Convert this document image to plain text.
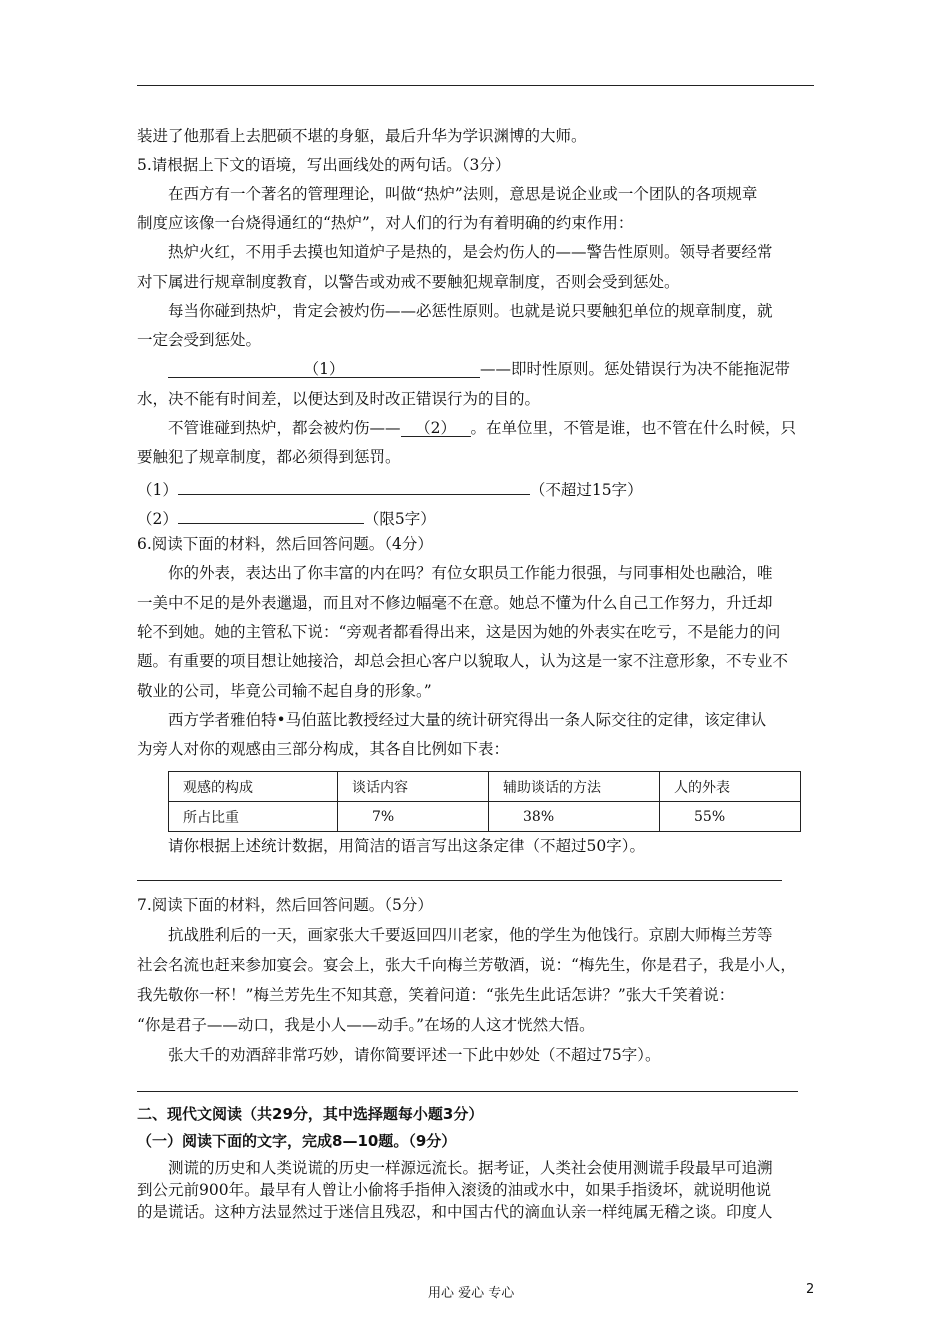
装进了他那看上去肥硕不堪的身躯，最后升华为学识渊博的大师。
5.请根据上下文的语境，写出画线处的两句话。（3分）
在西方有一个著名的管理理论，叫做“热炉”法则，意思是说企业或一个团队的各项规章
制度应该像一台烧得通红的“热炉”，对人们的行为有着明确的约束作用：
热炉火红，不用手去摸也知道炉子是热的，是会灼伤人的——警告性原则。领导者要经常
对下属进行规章制度教育，以警告或劝戒不要触犯规章制度，否则会受到惩处。
每当你碰到热炉，肯定会被灼伤——必惩性原则。也就是说只要触犯单位的规章制度，就
一定会受到惩处。
（1）	——即时性原则。惩处错误行为决不能拖泥带
水，决不能有时间差，以便达到及时改正错误行为的目的。
不管谁碰到热炉，都会被灼伤—— （2） 。在单位里，不管是谁，也不管在什么时候，只
要触犯了规章制度，都必须得到惩罚。
（1）	（不超过15字）
（2）	（限5字）
6.阅读下面的材料，然后回答问题。（4分）
你的外表，表达出了你丰富的内在吗？有位女职员工作能力很强，与同事相处也融洽，唯
一美中不足的是外表邋遢，而且对不修边幅毫不在意。她总不懂为什么自己工作努力，升迁却
轮不到她。她的主管私下说：“旁观者都看得出来，这是因为她的外表实在吃亏，不是能力的问
题。有重要的项目想让她接洽，却总会担心客户以貌取人，认为这是一家不注意形象，不专业不
敬业的公司，毕竟公司输不起自身的形象。”
西方学者雅伯特•马伯蓝比教授经过大量的统计研究得出一条人际交往的定律，该定律认
为旁人对你的观感由三部分构成，其各自比例如下表：
观感的构成	谈话内容	辅助谈话的方法	人的外表
所占比重	7%	38%	55%
请你根据上述统计数据，用简洁的语言写出这条定律（不超过50字）。
7.阅读下面的材料，然后回答问题。（5分）
抗战胜利后的一天，画家张大千要返回四川老家，他的学生为他饯行。京剧大师梅兰芳等
社会名流也赶来参加宴会。宴会上，张大千向梅兰芳敬酒，说：“梅先生，你是君子，我是小人，
我先敬你一杯！”梅兰芳先生不知其意，笑着问道：“张先生此话怎讲？”张大千笑着说：
“你是君子——动口，我是小人——动手。”在场的人这才恍然大悟。
张大千的劝酒辞非常巧妙，请你简要评述一下此中妙处（不超过75字）。
二、现代文阅读（共29分，其中选择题每小题3分）
（一）阅读下面的文字，完成8—10题。（9分）
测谎的历史和人类说谎的历史一样源远流长。据考证，人类社会使用测谎手段最早可追溯
到公元前900年。最早有人曾让小偷将手指伸入滚烫的油或水中，如果手指烫坏，就说明他说
的是谎话。这种方法显然过于迷信且残忍，和中国古代的滴血认亲一样纯属无稽之谈。印度人
用心 爱心 专心	2
